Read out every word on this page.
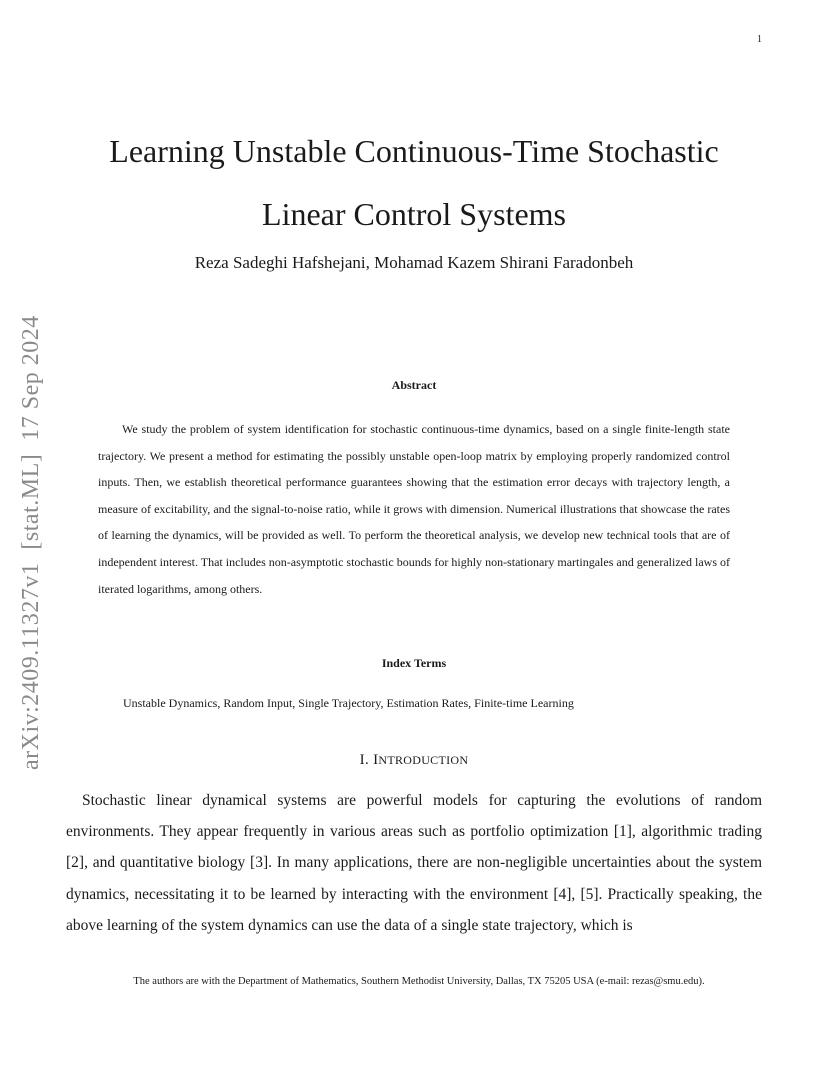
1
arXiv:2409.11327v1  [stat.ML]  17 Sep 2024
Learning Unstable Continuous-Time Stochastic
Linear Control Systems
Reza Sadeghi Hafshejani, Mohamad Kazem Shirani Faradonbeh
Abstract

We study the problem of system identification for stochastic continuous-time dynamics, based on a single finite-length state trajectory. We present a method for estimating the possibly unstable open-loop matrix by employing properly randomized control inputs. Then, we establish theoretical performance guarantees showing that the estimation error decays with trajectory length, a measure of excitability, and the signal-to-noise ratio, while it grows with dimension. Numerical illustrations that showcase the rates of learning the dynamics, will be provided as well. To perform the theoretical analysis, we develop new technical tools that are of independent interest. That includes non-asymptotic stochastic bounds for highly non-stationary martingales and generalized laws of iterated logarithms, among others.

Index Terms
Unstable Dynamics, Random Input, Single Trajectory, Estimation Rates, Finite-time Learning
I. INTRODUCTION

Stochastic linear dynamical systems are powerful models for capturing the evolutions of random environments. They appear frequently in various areas such as portfolio optimization [1], algorithmic trading [2], and quantitative biology [3]. In many applications, there are non-negligible uncertainties about the system dynamics, necessitating it to be learned by interacting with the environment [4], [5]. Practically speaking, the above learning of the system dynamics can use the data of a single state trajectory, which is

The authors are with the Department of Mathematics, Southern Methodist University, Dallas, TX 75205 USA (e-mail: rezas@smu.edu).
